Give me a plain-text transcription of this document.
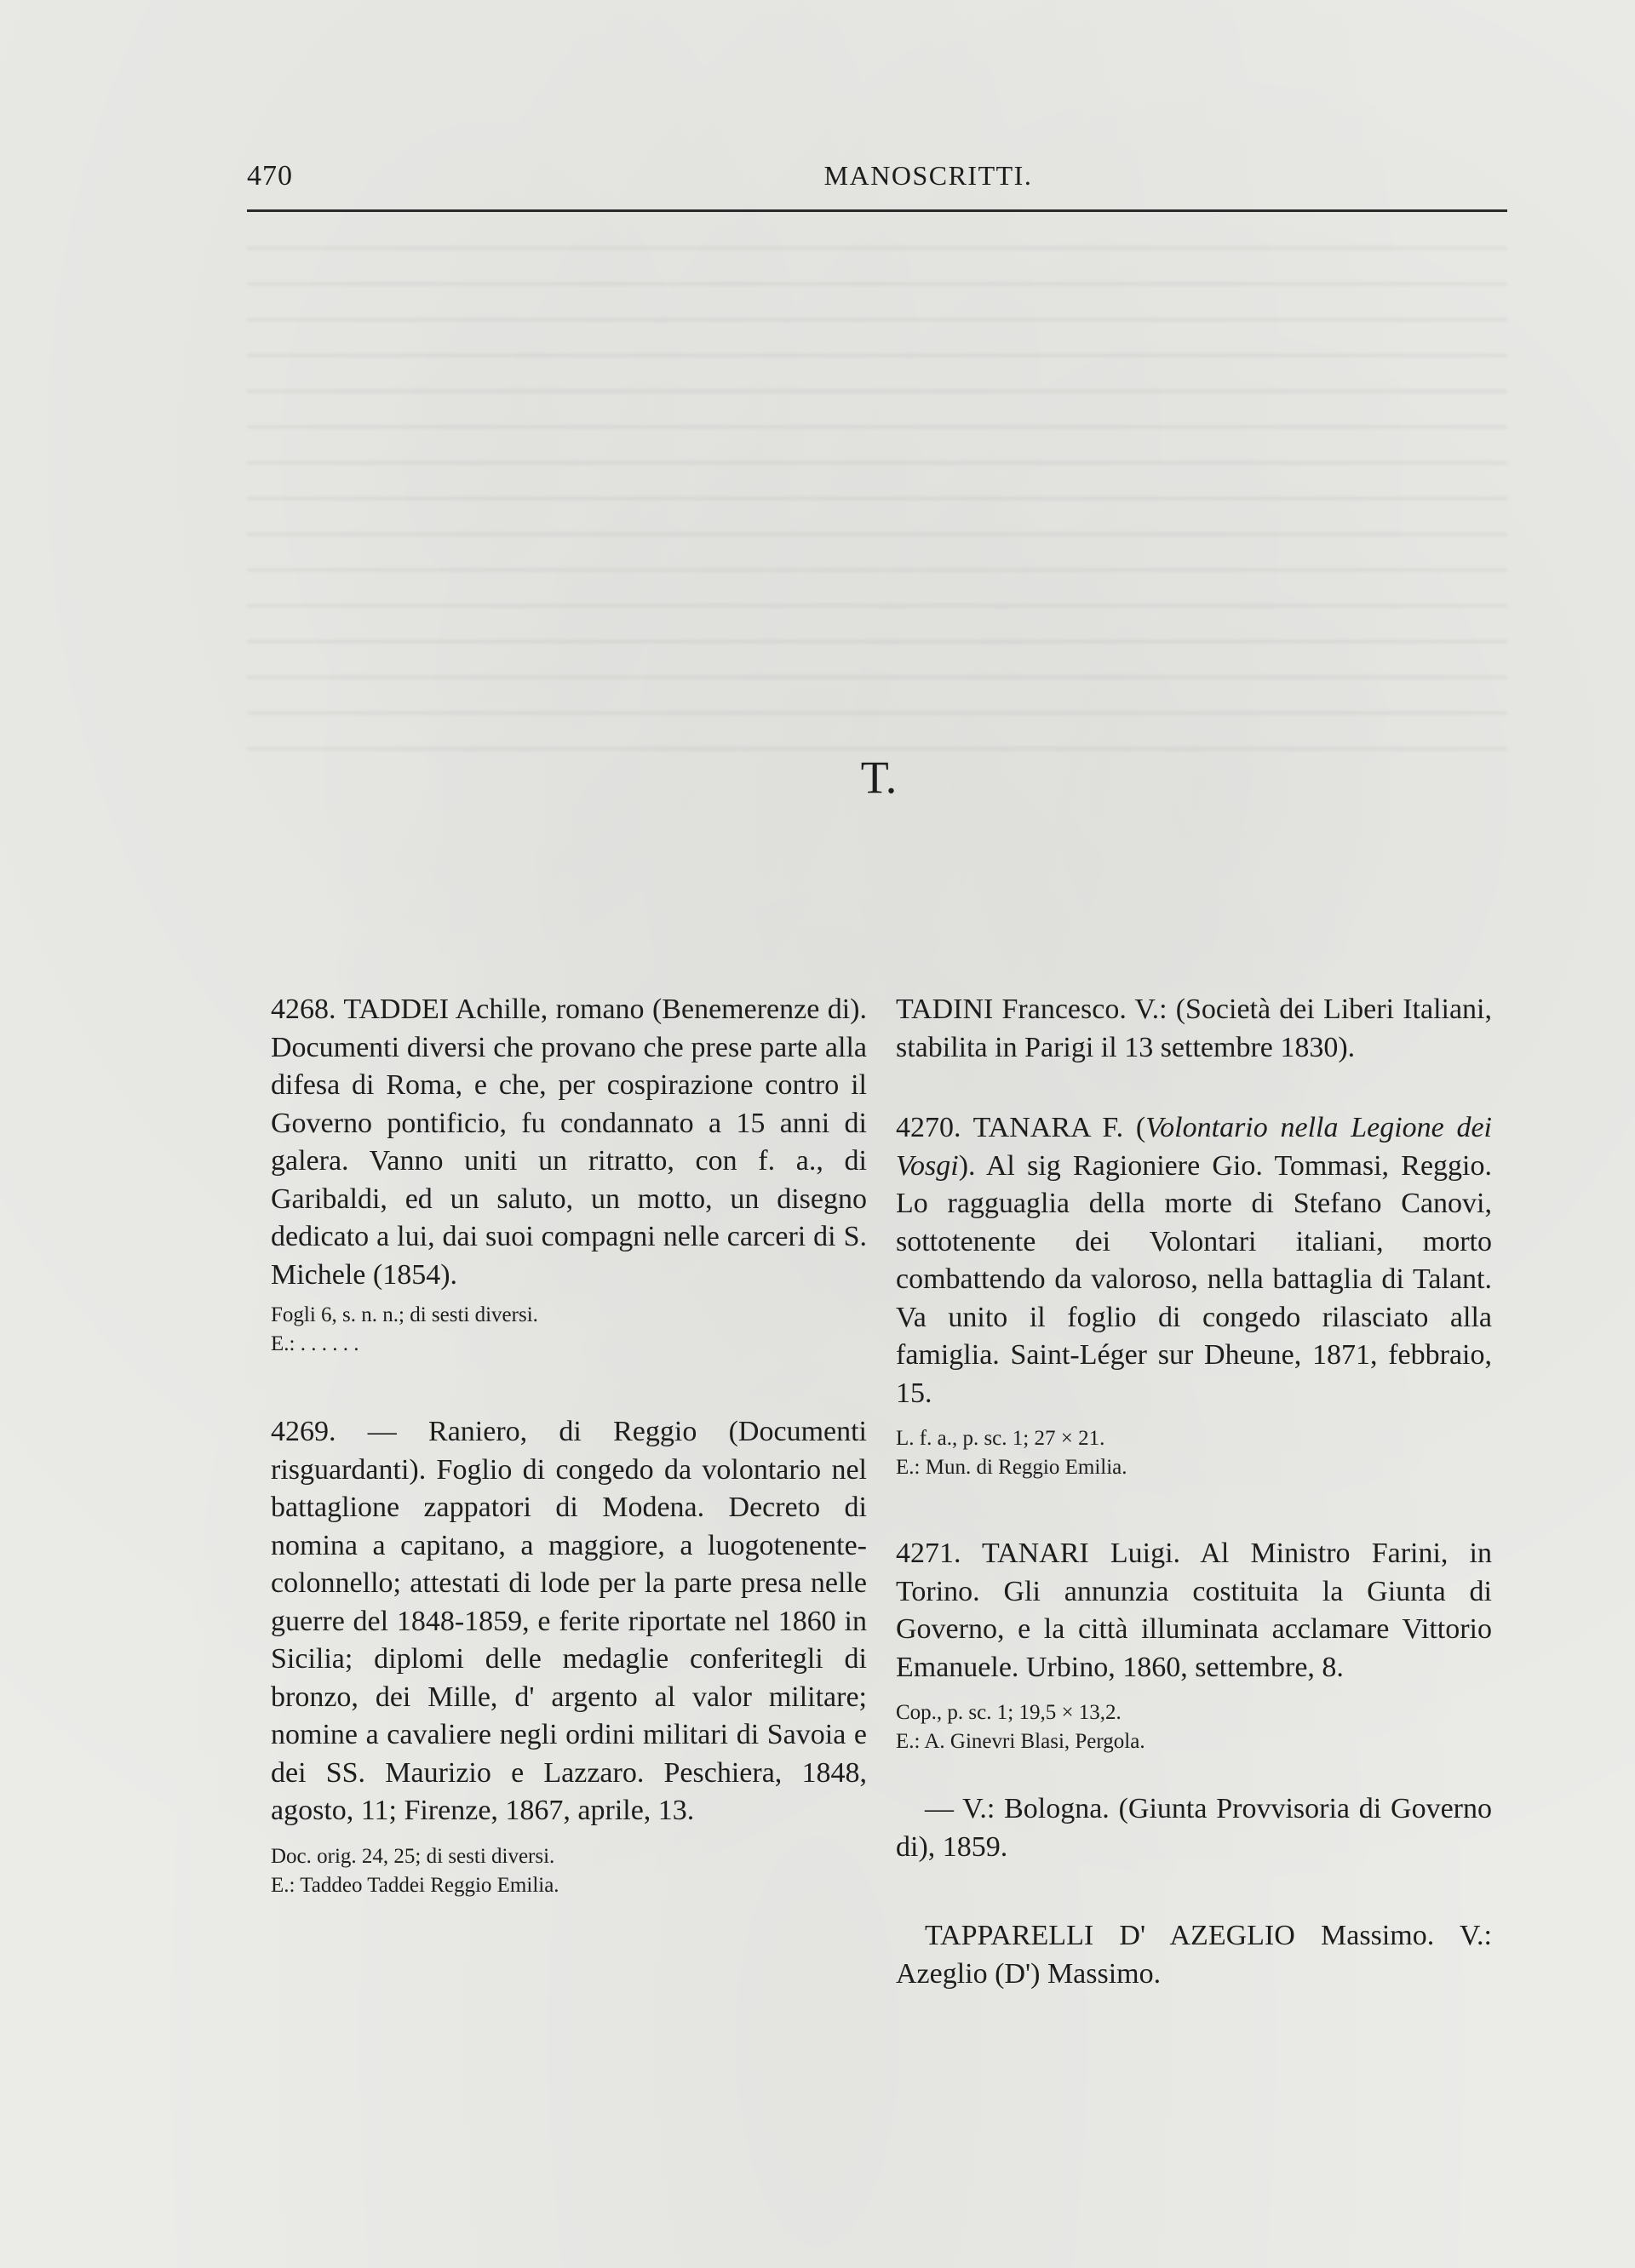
470	MANOSCRITTI.
T.

4268. TADDEI Achille, romano (Benemerenze di). Documenti diversi che provano che prese parte alla difesa di Roma, e che, per cospirazione contro il Governo pontificio, fu condannato a 15 anni di galera. Vanno uniti un ritratto, con f. a., di Garibaldi, ed un saluto, un motto, un disegno dedicato a lui, dai suoi compagni nelle carceri di S. Michele (1854).

Fogli 6, s. n. n.; di sesti diversi.

E.: . . . . . .

4269. — Raniero, di Reggio (Documenti risguardanti). Foglio di congedo da volontario nel battaglione zappatori di Modena. Decreto di nomina a capitano, a maggiore, a luogotenente-colonnello; attestati di lode per la parte presa nelle guerre del 1848-1859, e ferite riportate nel 1860 in Sicilia; diplomi delle medaglie conferitegli di bronzo, dei Mille, d' argento al valor militare; nomine a cavaliere negli ordini militari di Savoia e dei SS. Maurizio e Lazzaro. Peschiera, 1848, agosto, 11; Firenze, 1867, aprile, 13.

Doc. orig. 24, 25; di sesti diversi.

E.: Taddeo Taddei Reggio Emilia.

TADINI Francesco. V.: (Società dei Liberi Italiani, stabilita in Parigi il 13 settembre 1830).

4270. TANARA F. (Volontario nella Legione dei Vosgi). Al sig Ragioniere Gio. Tommasi, Reggio. Lo ragguaglia della morte di Stefano Canovi, sottotenente dei Volontari italiani, morto combattendo da valoroso, nella battaglia di Talant. Va unito il foglio di congedo rilasciato alla famiglia. Saint-Léger sur Dheune, 1871, febbraio, 15.

L. f. a., p. sc. 1; 27 × 21.

E.: Mun. di Reggio Emilia.

4271. TANARI Luigi. Al Ministro Farini, in Torino. Gli annunzia costituita la Giunta di Governo, e la città illuminata acclamare Vittorio Emanuele. Urbino, 1860, settembre, 8.

Cop., p. sc. 1; 19,5 × 13,2.

E.: A. Ginevri Blasi, Pergola.

— V.: Bologna. (Giunta Provvisoria di Governo di), 1859.

TAPPARELLI D' AZEGLIO Massimo. V.: Azeglio (D') Massimo.
